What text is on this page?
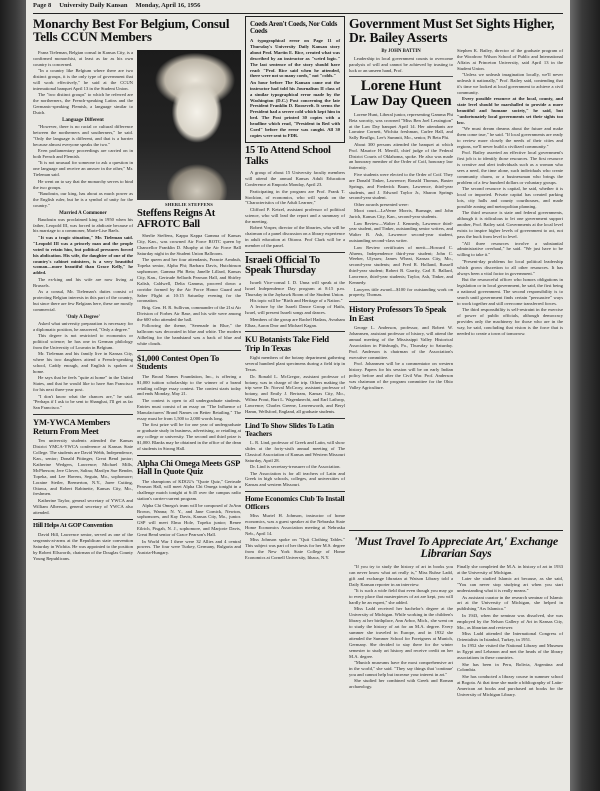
Page 8 University Daily Kansan Monday, April 16, 1956
Monarchy Best For Belgium, Consul Tells CCUN Members

Franz Tieleman, Belgian consul in Kansas City, is a confirmed monarchist, at least as far as his own country is concerned.

"In a country like Belgium where there are two distinct groups, it is the only type of government that will work effectively," he said at the CCUN international banquet April 13 in the Student Union.

The "two distinct groups" to which he referred are the northerners, the French-speaking Latins and the Germanic-speaking Flemish, a language similar to Dutch.

Language Different

"However, there is no racial or cultural difference between the northerners and southerners," he said. "Only the language is different, and that is a barrier because almost everyone speaks the two."

Even parliamentary proceedings are carried on in both French and Flemish.

"It is not unusual for someone to ask a question in one language and receive an answer in the other," Mr. Tieleman said.

He went on to say that the monarchy serves to bind the two groups.

"Baudouin, our king, has about as much power as the English ruler, but he is a symbol of unity for the country."

Married A Commoner

Baudouin was proclaimed king in 1950 when his father, Leopold III, was forced to abdicate because of his marriage to a commoner, Marie-Lise Baels.

"It was a tragic situation," Mr. Tieleman said. "Leopold III was a princely man and the people voted to retain him, but political pressures forced his abdication. His wife, the daughter of one of the country's cabinet ministers, is a very beautiful woman—more beautiful than Grace Kelly," he added.

The ex-king and his wife are now living at Brussels.

As a consul, Mr. Tieleman's duties consist of protecting Belgian interests in this part of the country, but since there are few Belgians here, these are mostly commercial.

'Only A Degree'

Asked what university preparation is necessary for a diplomatic position, he answered, "Only a degree."

This degree is not restricted to economics or political science; he has one in German philology from the University of Louvain in Belgium.

Mr. Tieleman and his family live in Kansas City, where his two daughters attend a French-speaking school, Caddy enough, and English is spoken at home.

He says that he feels "quite at home" in the United States, and that he would like to have San Francisco for his next three-year post.

"I don't know what the chances are," he said. "Perhaps if I ask to be sent to Shanghai, I'll get as far San Francisco."

YM-YWCA Members Return From Meet

Ten university students attended the Kansas District YMCA-YWCA conference at Kansas State College. The students are David Webb, Independence, Kan., senior; Donald Pittinger, Great Bend junior; Katherine Wedgers, Lawrence; Michael Mills, McPherson; Jere Glover, Salina; Marilyn Sue Bender, Topeka, and Lee Havens, Seguin, Mo., sophomore; Loraine Stetler, Bremerton, N.Y., Jaree Cutting, Ottawa, and Robert Rabinette, Kansas City, Mo., freshmen.

Katherine Taylor, general secretary of YWCA and William Alberson, general secretary of YWCA also attended.

Hill Helps At GOP Convention

David Hill, Lawrence senior, served as one of the sergeants-at-arms at the Republican state convention Saturday in Wichita. He was appointed to the position by Robert Ellsworth, chairman of the Douglas County Young Republicans.

SHERLIE STEFFENS
Steffens Reigns At AFROTC Ball

Sherlie Steffens, Kappa Kappa Gamma of Kansas City, Kan., was crowned Air Force ROTC queen by Chancellor Franklin D. Murphy at the Air Force Ball Saturday night in the Student Union Ballroom.

The queen and her four attendants, Francie Armbuh, Topeka senior, Alpha Phi; Barbara Davis, Hutchinson sophomore, Gamma Phi Beta; Janelle Lillard, Kansas City, Kan., Gertrude Sellards Pearson Hall, and Shirley Kalish, Caldwell, Delta Gamma, proceed down a corridor formed by the Air Force Honor Guard and Saber Flight at 10:15 Saturday evening for the coronation.

Brig. Gen. H. R. Sullivan, commander of the 21st Air Division of Forbes Air Base, and his wife were among the 600 who attended the ball.

Following the theme, "Serenade in Blue," the ballroom was decorated in blue and white. The modern Ailbeling for the bandstand was a back of blue and white clouds.

$1,000 Contest Open To Students

The Broad Names Foundation, Inc., is offering a $1,000 tuition scholarship to the winner of a brand retailing college essay contest. The contest starts today and ends Monday, May 21.

The contest is open to all undergraduate students. Entries must consist of an essay on "The Influence of Manufacturers' Brand Names on Better Retailing." The essay must be from 1,500 to 2,000 words long.

The first prize will be for one year of undergraduate or graduate study in business, advertising, or retailing at any college or university. The second and third prize is $1,000. Blanks may be obtained in the office of the dean of students in Strong Hall.

Alpha Chi Omega Meets GSP Hall In Quote Quiz

The champions of KDGU's "Quote Quiz," Gertrude Pearson Hall, will meet Alpha Chi Omega tonight in a challenge match tonight at 6:45 over the campus radio station's carrier-current program.

Alpha Chi Omega's team will be composed of JoAnn Brown, Wanna; N. Y., and Jane Cornick, Newton, sophomores, and Kay Davis, Kansas City, Mo., junior. GSP will meet Elma Hole, Topeka junior; Renee Eilrich, Pisgah, N. J., sophomore, and Marjorie Davis, Great Bend senior of Grace Pearson's Hall.

In World War I there were 32 Allies and 4 central powers. The four were Turkey, Germany, Bulgaria and Austria-Hungary.

Coeds Aren't Coeds, Nor Colds Coeds

A typographical error on Page 11 of Thursday's University Daily Kansan story about Prof. Martin E. Rice, created what was described by an instructor as "weird logic." The last sentence of the story should have read: "Prof. Rice said when he attended, there were not so many coeds," not "colds."

An hour before The Kansan came out the instructor had told his Journalism II class of a similar typographical error made by the Washington (D.C.) Post concerning the late President Franklin D. Roosevelt. It seems the President had a severe cold which kept him in bed. The Post printed 30 copies with a headline which read, "President in Bed with Coed" before the error was caught. All 30 copies were sent to FDR.

15 To Attend School Talks

A group of about 15 University faculty members will attend the annual Kansas Adult Education Conference at Emporia Monday, April 23.

Participating in the program are Prof. Frank T. Stockton, of economics, who will speak on the "Characteristics of the Adult Learner,"

Clifford P. Ketzel, assistant professor of political science, who will lead the report and a summary of the meeting.

Robert Vosper, director of the libraries, who will be chairman of a panel discussion on a library experience in adult education at Ottawa. Prof Clark will be a member of the panel.

Israeli Official To Speak Thursday

Israeli Vice-consul I. D. Unna will speak at the Israel Independence Day program at 8:15 p.m. Thursday in the Jayhawk Room of the Student Union.

His topic will be "Birth and Heritage of a Nation."

A lecture by the Israeli Dance Group of Haifa, Israel, will present Israeli songs and dances.

Members of the group are Rachel Hadass, Avraham Elbaz, Aaron Dror and Michael Kagan.

KU Botanists Take Field Trip In Texas

Eight members of the botany department gathering several hundred plant specimens during a field trip in Texas.

Dr. Ronald L. McGregor, assistant professor of botany, was in charge of the trip. Others making the trip were Dr. Norval McCrory, assistant professor of botany, and Emily J. Bertram, Kansas City, Mo., Wilma Prout, Burt L. Wagenknecht, and Earl Lathrop, Lawrence; Charles Greene, Leavenworth, and Beryl Hamn, Wellsford, England, all graduate students.

Lind To Show Slides To Latin Teachers

L. R. Lind, professor of Greek and Latin, will show slides at the forty-sixth annual meeting of The Classical Association of Kansas and Western Missouri Saturday, April 28.

Dr. Lind is secretary-treasurer of the Association.

The Association is for all teachers of Latin and Greek in high schools, colleges, and universities of Kansas and western Missouri.

Home Economics Club To Install Officers

Miss Muriel H. Johnson, instructor of home economics, was a guest speaker at the Nebraska State Home Economics Association meeting at Nebraska Neb., April 14.

Miss Johnson spoke on "Quit Clothing Tables." This subject was part of her thesis for her M.S. degree from the New York State College of Home Economics at Cornell University, Ithaca, N.Y.

Government Must Set Sights Higher, Dr. Bailey Asserts
By JOHN BATTIN

Leadership in local government counts to overcome paralysis of will and cannot be achieved by trusting to luck or an unseen hand, Prof.

Lorene Hunt Law Day Queen

Lorene Hunt, Liberal junior, representing Gamma Phi Beta sorority, was crowned "Miss Ben Joel Lessington" at the Law Day banquet April 14. Her attendants are Larraine Cornett, Wichita freshman, Carlee Hall, and Sally Beuflgo, Lee's Summit, Mo., senior, Pi Beta Phi.

About 300 persons attended the banquet at which Prof. Maurice H. Merrill, chief judge of the Federal District Courts of Oklahoma, spoke. He also was made an honorary member of the Order of Coif, honorary law fraternity.

Five students were elected to the Order of Coif. They are Donald Tinker, Lawrence; Ronald Thomas, Baxter Springs, and Frederick Bauer, Lawrence, third-year students, and J. Edward Taylor Jr., Sharon Springs second-year student.

Other awards presented were:

Moot court—LaVerne Morris, Burnage, and John Jurich, Kansas City, Kan., second-year students.

Law Review—Walter J. Kennedy, Lawrence third-year student, and Tinker, outstanding senior writers, and Walter B. Ash, Lawrence second-year student, outstanding second-class writer.

Law Review certificates of merit—Howard C. Ahrens, Independence third-year student; John C. Weeber, Ulysses; James Wheat, Kansas City, Mo., second-year students; and Fred R. Holland, Russell third-year student; Robert B. Garrity, Carl E. Ballard, Lawrence, third-year students; Taylor, Ash, Tinker, and Kennedy.

Lawyers title award—$100 for outstanding work on property, Thomas.

History Professors To Speak In East

George L. Anderson, professor, and Robert W. Johannsen, assistant professor of history, will attend the annual meeting of the Mississippi Valley Historical Association in Pittsburgh, Pa., Thursday to Saturday. Prof. Anderson is chairman of the Association's executive committee.

Prof. Johannsen will be a commentator on western history. Papers for his session will be on early Indian policy before and after the Civil War. Prof. Anderson was chairman of the program committee for the Ohio Valley Agriculture.

Stephen K. Bailey, director of the graduate program of the Woodrow Wilson School of Public and International Affairs at Princeton University, said April 13 in the Student Union.

"Unless we unleash imagination locally, we'll never unleash it nationally," Prof. Bailey said, contending that it's time we looked at local government to achieve a civil community.

Every possible resource at the local, county, and state level should be marshalled to provide a more beautiful and humane society," he said, but "unfortunately local governments set their sights too low.

"We must dream dreams about the future and make them come true," he said. "If local governments are ready to review more closely the needs of their cities and regions, we'll never build a civilized community."

Prof. Bailey asserted an effective local government's first job is to identify those resources. The first resource is creative and alert individuals such as a woman who sees a need, the time alone, such individuals who create community charm, or a businessman who brings the problem of a few hundred dollars or voluntary groups.

The second resource is capital, he said, whether it is local or imported. Private capital has created parking lots, city halls and county courthouses, and made possible zoning and metropolitan planning.

The third resource is state and federal governments, although it is ridiculous to let one government support another, Prof. Bailey said. Governments at the local level exists to inspire higher levels of government to act, not pass the buck from level to level.

"All three resources involve a substantial administrative overhaul," he said. "We just have to be willing to take it."

"Present-day problems for local political leadership which grows discretion to all other resources. It has always been a vital factor in government."

But the resourceful officer who honors obligations in legislation or in local government, he said, the first being a national government. The second responsibility is to search until government finds certain "persuasive" ways to work together and still overcome transferred forces.

The third responsibility is self-restraint in the exercise of power of public officials, although democracy provides only the machinery for those who are in the way, he said, concluding that vision is the force that is needed to create a town of tomorrow.

'Must Travel To Appreciate Art,' Exchange Librarian Says

"If you try to study the history of art in books you can never know what art really is," Miss Ruhse Ladd, gift and exchange librarian at Watson Library told a Daily Kansan reporter in an interview.

"It is such a wide field that even though you may go to every place that masterpieces of art are kept, you will hardly be an expert," she added.

Miss Ladd received her bachelor's degree at the University of Michigan. While working in the children's library at her birthplace, Ann Arbor, Mich., she went on to study the history of art for an M.A. degree. Every summer she traveled in Europe, and in 1932 she attended the Summer School for Foreigners at Munich, Germany. She decided to stay there for the winter semester to study art history and receive credit on her M.A. degree.

"Munich museums have the most comprehensive art in the world," she said. "They say things that 'continue' you and cannot help but increase your interest in art."

She studied her combined with Greek and Roman archaeology.

Finally she completed the M.A. in history of art in 1933 at the University of Michigan.

Later she studied Islamic art because, as she said, "You can never stop studying art when you start understanding what it is really means."

As assistant curator in the research seminar of Islamic art at the University of Michigan, she helped in publishing "Ars Islamica."

In 1943, when the seminar was dissolved, she was employed by the Nelson Gallery of Art in Kansas City, Mo., as librarian and reviewer.

Miss Ladd attended the International Congress of Orientalists in Istanbul, Turkey, in 1951.

In 1952 she visited the National Library and Museum in Egypt and Lebanon and met the heads of the library associations in these countries.

She has been in Peru, Bolivia, Argentina and Colombia.

She has conducted a library course in summer school at Bogota. At that time she made a bibliography of Latin-American art books and purchased art books for the University of Michigan Library.
